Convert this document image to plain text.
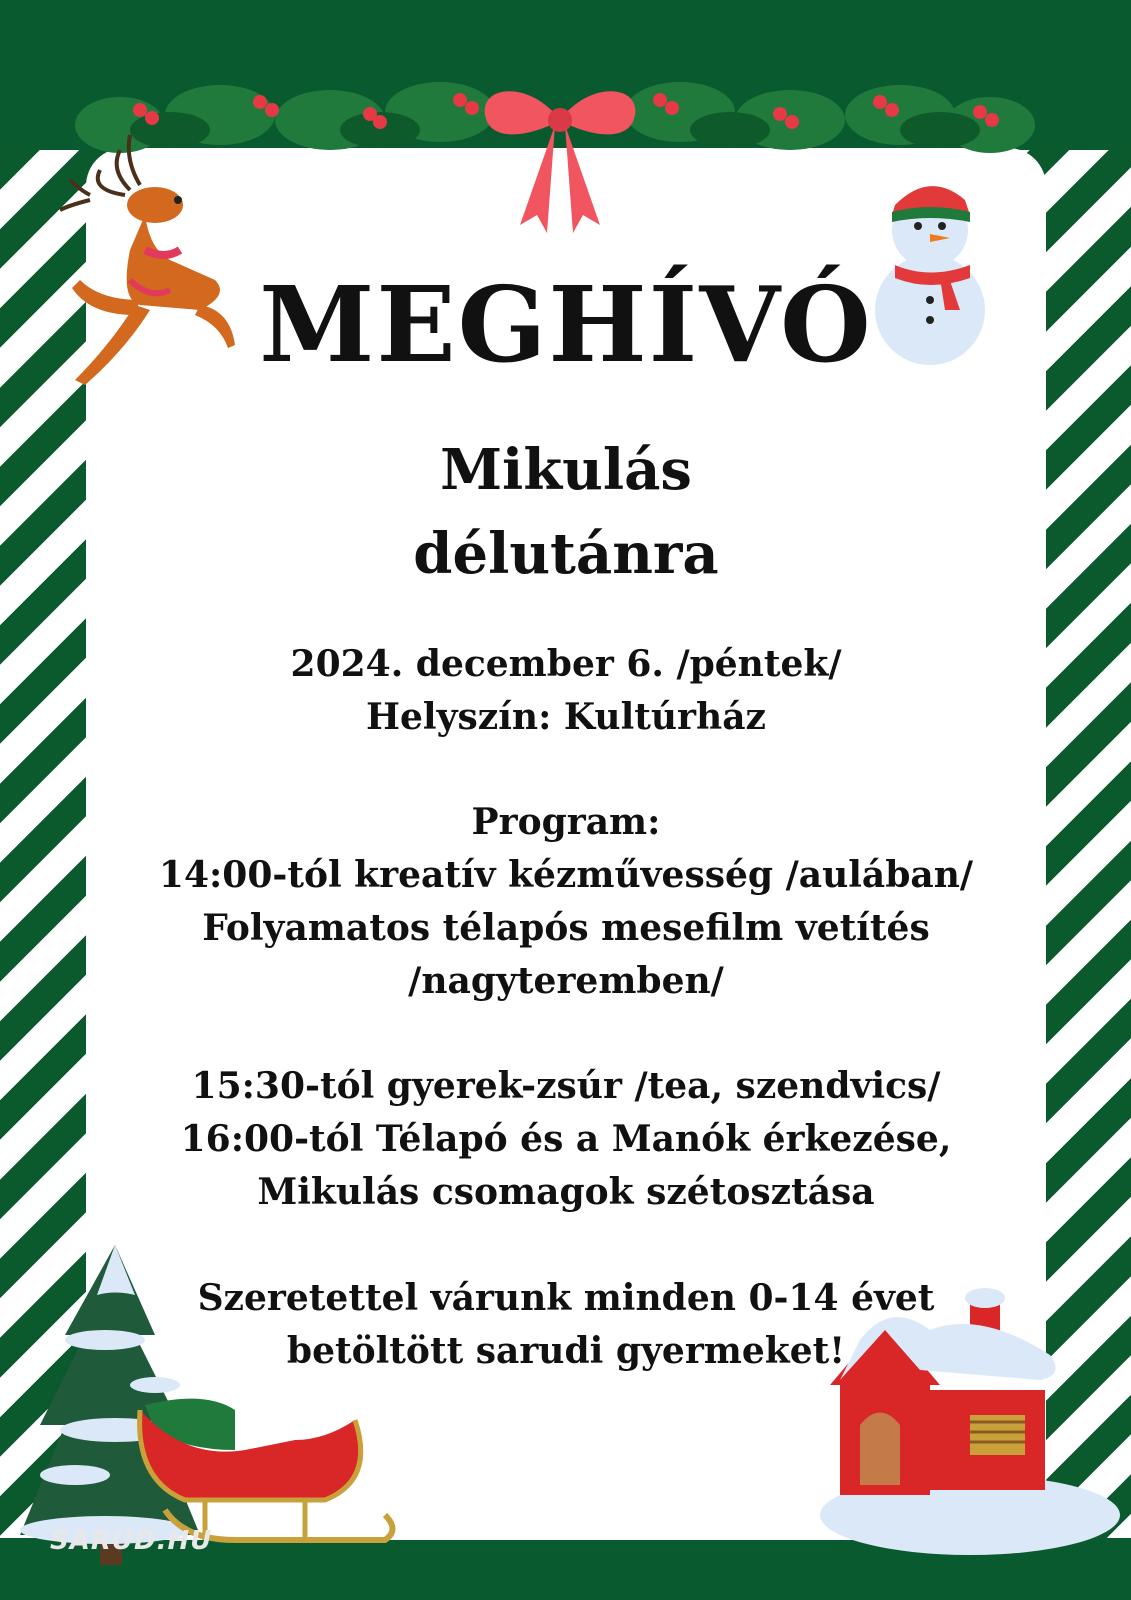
MEGHÍVÓ
Mikulás
délutánra
2024. december 6. /péntek/
Helyszín: Kultúrház
Program:
14:00-tól kreatív kézművesség /aulában/
Folyamatos télapós mesefilm vetítés
/nagyteremben/
15:30-tól gyerek-zsúr /tea, szendvics/
16:00-tól Télapó és a Manók érkezése,
Mikulás csomagok szétosztása
Szeretettel várunk minden 0-14 évet
betöltött sarudi gyermeket!
SARUD.HU
